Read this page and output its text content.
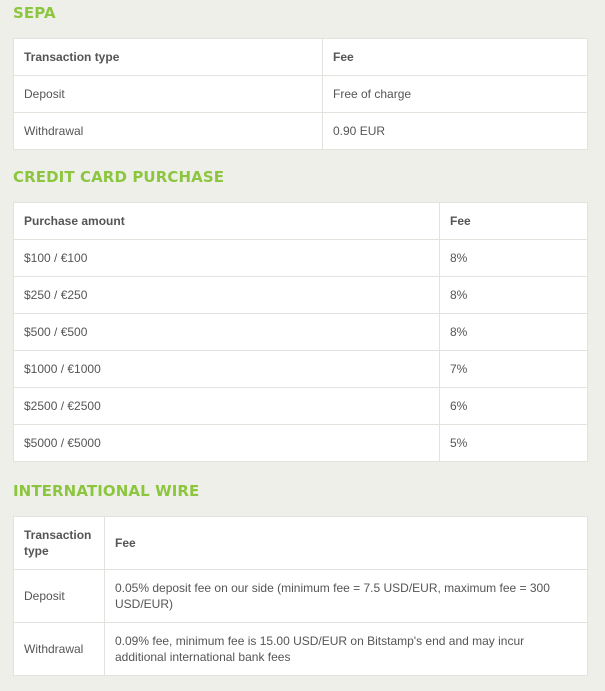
SEPA
Transaction type	Fee
Deposit	Free of charge
Withdrawal	0.90 EUR
CREDIT CARD PURCHASE
Purchase amount	Fee
$100 / €100	8%
$250 / €250	8%
$500 / €500	8%
$1000 / €1000	7%
$2500 / €2500	6%
$5000 / €5000	5%
INTERNATIONAL WIRE
Transaction type	Fee
Deposit	0.05% deposit fee on our side (minimum fee = 7.5 USD/EUR, maximum fee = 300 USD/EUR)
Withdrawal	0.09% fee, minimum fee is 15.00 USD/EUR on Bitstamp's end and may incur additional international bank fees
